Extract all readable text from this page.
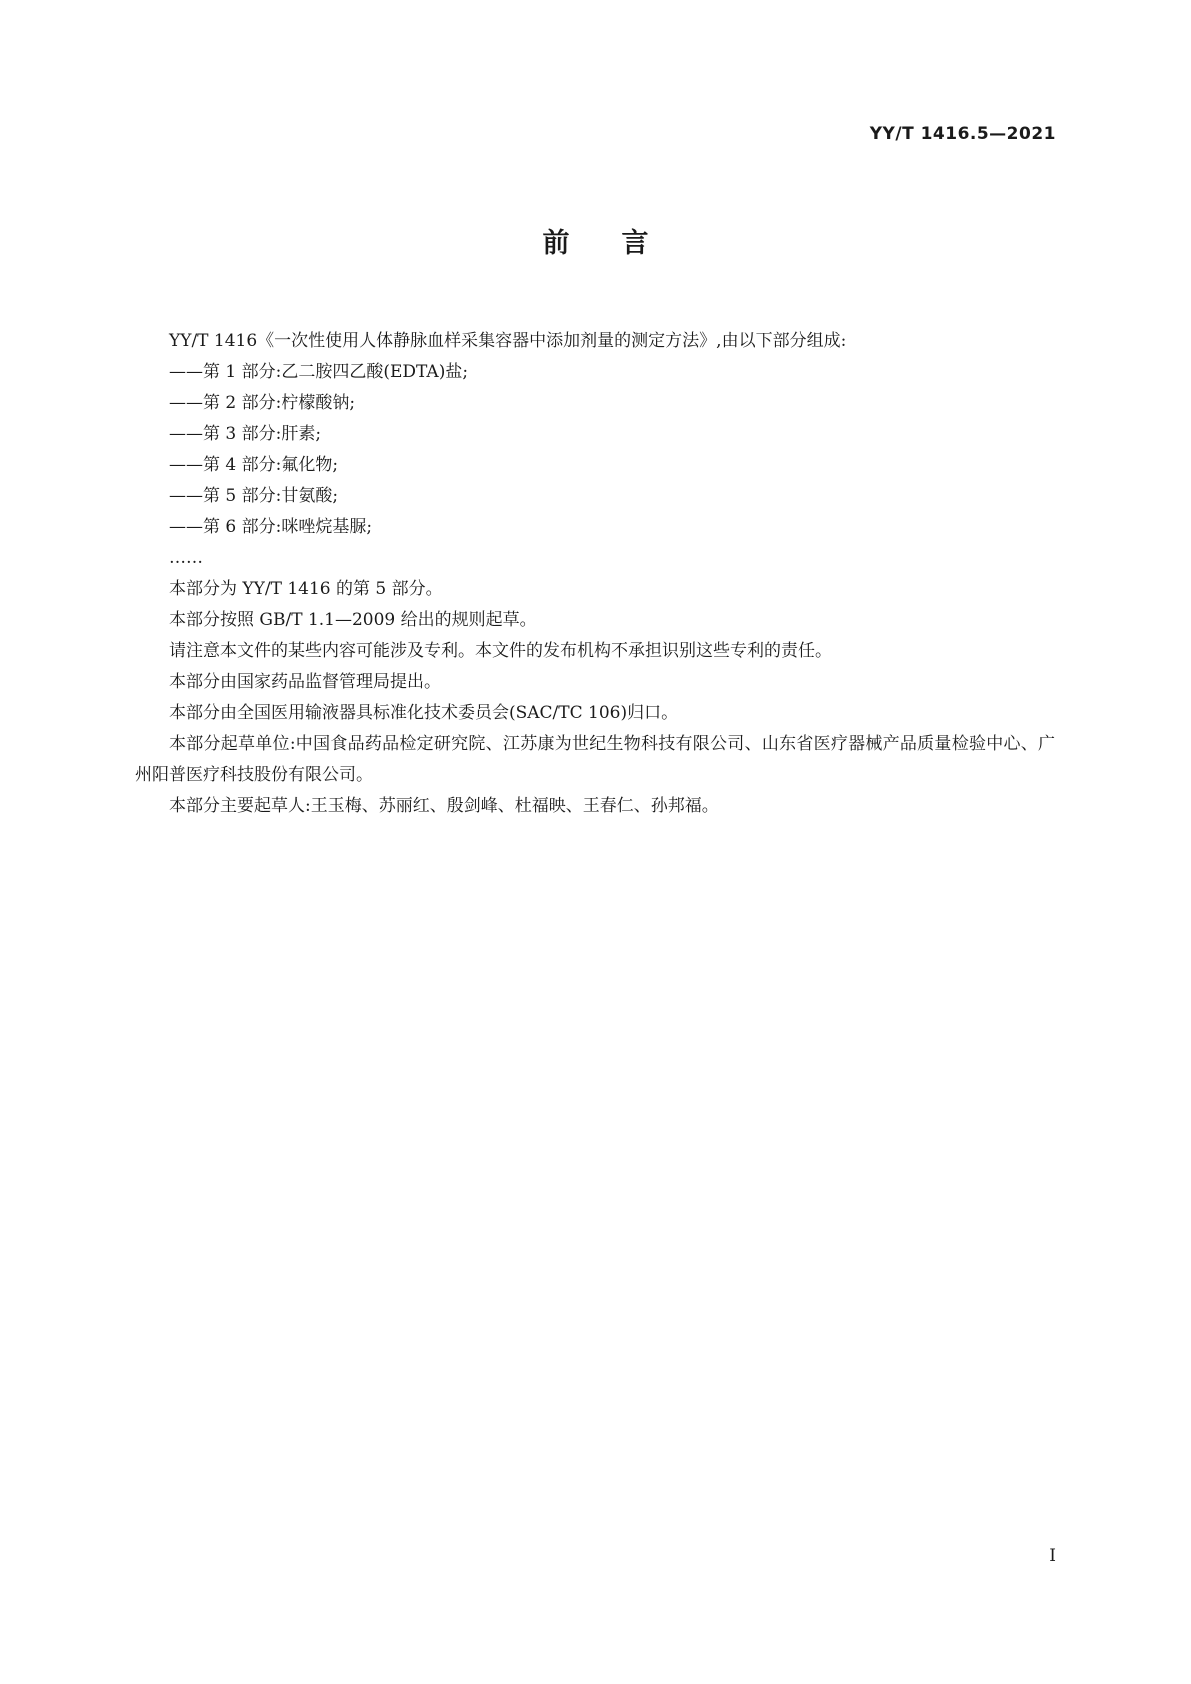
YY/T 1416.5—2021
前言

YY/T 1416《一次性使用人体静脉血样采集容器中添加剂量的测定方法》,由以下部分组成:

——第 1 部分:乙二胺四乙酸(EDTA)盐;

——第 2 部分:柠檬酸钠;

——第 3 部分:肝素;

——第 4 部分:氟化物;

——第 5 部分:甘氨酸;

——第 6 部分:咪唑烷基脲;

……

本部分为 YY/T 1416 的第 5 部分。

本部分按照 GB/T 1.1—2009 给出的规则起草。

请注意本文件的某些内容可能涉及专利。本文件的发布机构不承担识别这些专利的责任。

本部分由国家药品监督管理局提出。

本部分由全国医用输液器具标准化技术委员会(SAC/TC 106)归口。

本部分起草单位:中国食品药品检定研究院、江苏康为世纪生物科技有限公司、山东省医疗器械产品质量检验中心、广州阳普医疗科技股份有限公司。

本部分主要起草人:王玉梅、苏丽红、殷剑峰、杜福映、王春仁、孙邦福。

I
